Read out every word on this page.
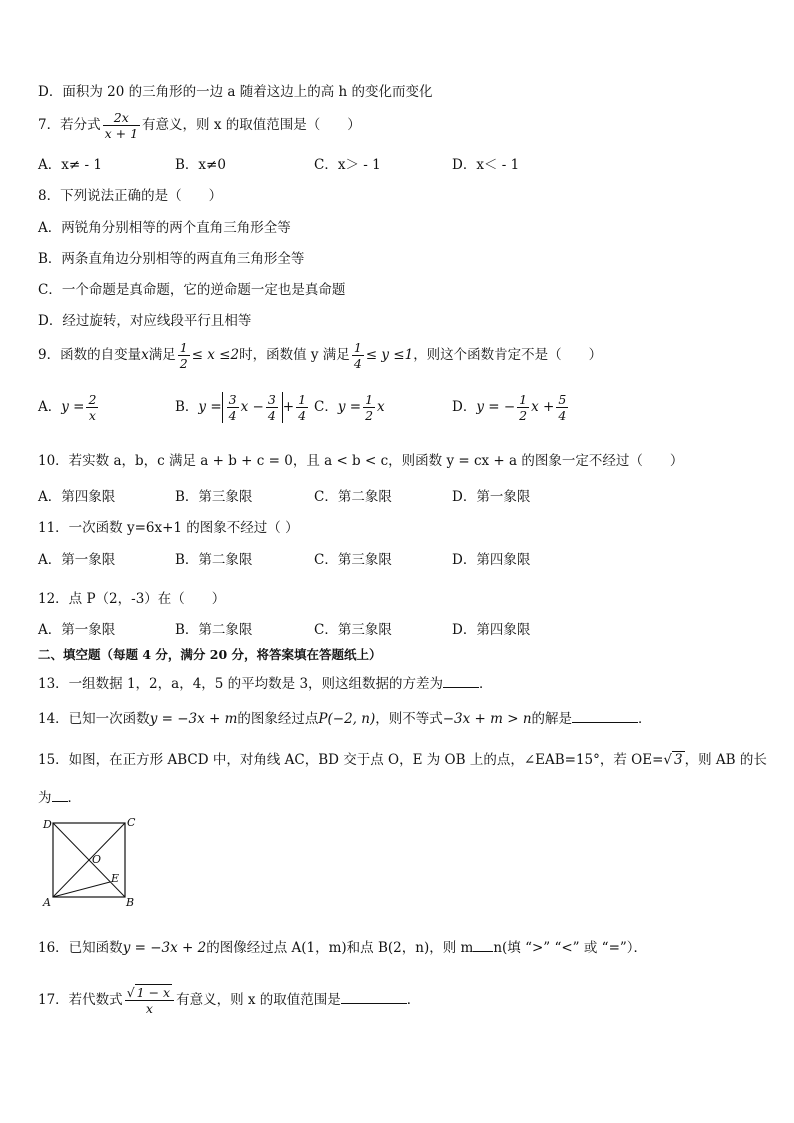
D．面积为 20 的三角形的一边 a 随着这边上的高 h 的变化而变化
7．若分式 $\frac{2x}{x + 1}$ 有意义，则 x 的取值范围是（　　）
A．x≠ - 1	B．x≠0	C．x＞ - 1	D．x＜ - 1
8．下列说法正确的是（　　）
A．两锐角分别相等的两个直角三角形全等
B．两条直角边分别相等的两直角三角形全等
C．一个命题是真命题，它的逆命题一定也是真命题
D．经过旋转，对应线段平行且相等
9．函数的自变量x满足 $\frac{1}{2} \le x \le 2$时，函数值 y 满足 $\frac{1}{4} \le y \le 1$，则这个函数肯定不是（　　）
A．$y = \frac{2}{x}$	B．$y = \frac{3}{4}$ $x - \frac{3}{4} + \frac{1}{4}$ C．$y = \frac{1}{2}$ x	D．y = − $\frac{1}{2}$ $x + \frac{5}{4}$
10．若实数 a，b，c 满足 a + b + c = 0，且 a < b < c，则函数 y = cx + a 的图象一定不经过（　　）
A．第四象限	B．第三象限	C．第二象限	D．第一象限
11．一次函数 y=6x+1 的图象不经过（ ）
A．第一象限	B．第二象限	C．第三象限	D．第四象限
12．点 P（2，-3）在（　　）
A．第一象限	B．第二象限	C．第三象限	D．第四象限
二、填空题（每题 4 分，满分 20 分，将答案填在答题纸上）
13．一组数据 1，2，a，4，5 的平均数是 3，则这组数据的方差为	．
14．已知一次函数y = −3x + m的图象经过点P(−2, n)，则不等式−3x + m > n的解是	．
15．如图，在正方形 ABCD 中，对角线 AC，BD 交于点 O，E 为 OB 上的点，∠EAB=15°，若 OE=√ 3 ，则 AB 的长
为 ．
D	C
A	B
O
E
16．已知函数y = −3x + 2的图像经过点 A(1，m)和点 B(2，n)，则 m n(填 “>” “<” 或 “=”）．
17．若代数式 $\frac{√ 1 - x}{x}$ 有意义，则 x 的取值范围是	．
